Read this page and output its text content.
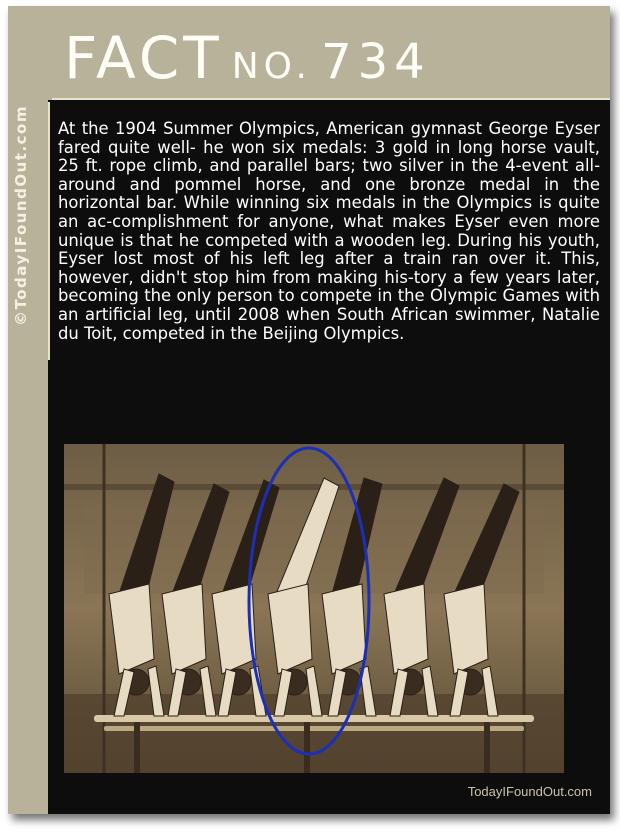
FACT NO. 734
©TodayIFoundOut.com At the 1904 Summer Olympics, American gymnast George Eyser fared quite well- he won six medals: 3 gold in long horse vault, 25 ft. rope climb, and parallel bars; two silver in the 4-event all-around and pommel horse, and one bronze medal in the horizontal bar. While winning six medals in the Olympics is quite an ac-complishment for anyone, what makes Eyser even more unique is that he competed with a wooden leg. During his youth, Eyser lost most of his left leg after a train ran over it. This, however, didn't stop him from making his-tory a few years later, becoming the only person to compete in the Olympic Games with an artificial leg, until 2008 when South African swimmer, Natalie du Toit, competed in the Beijing Olympics.

TodayIFoundOut.com
